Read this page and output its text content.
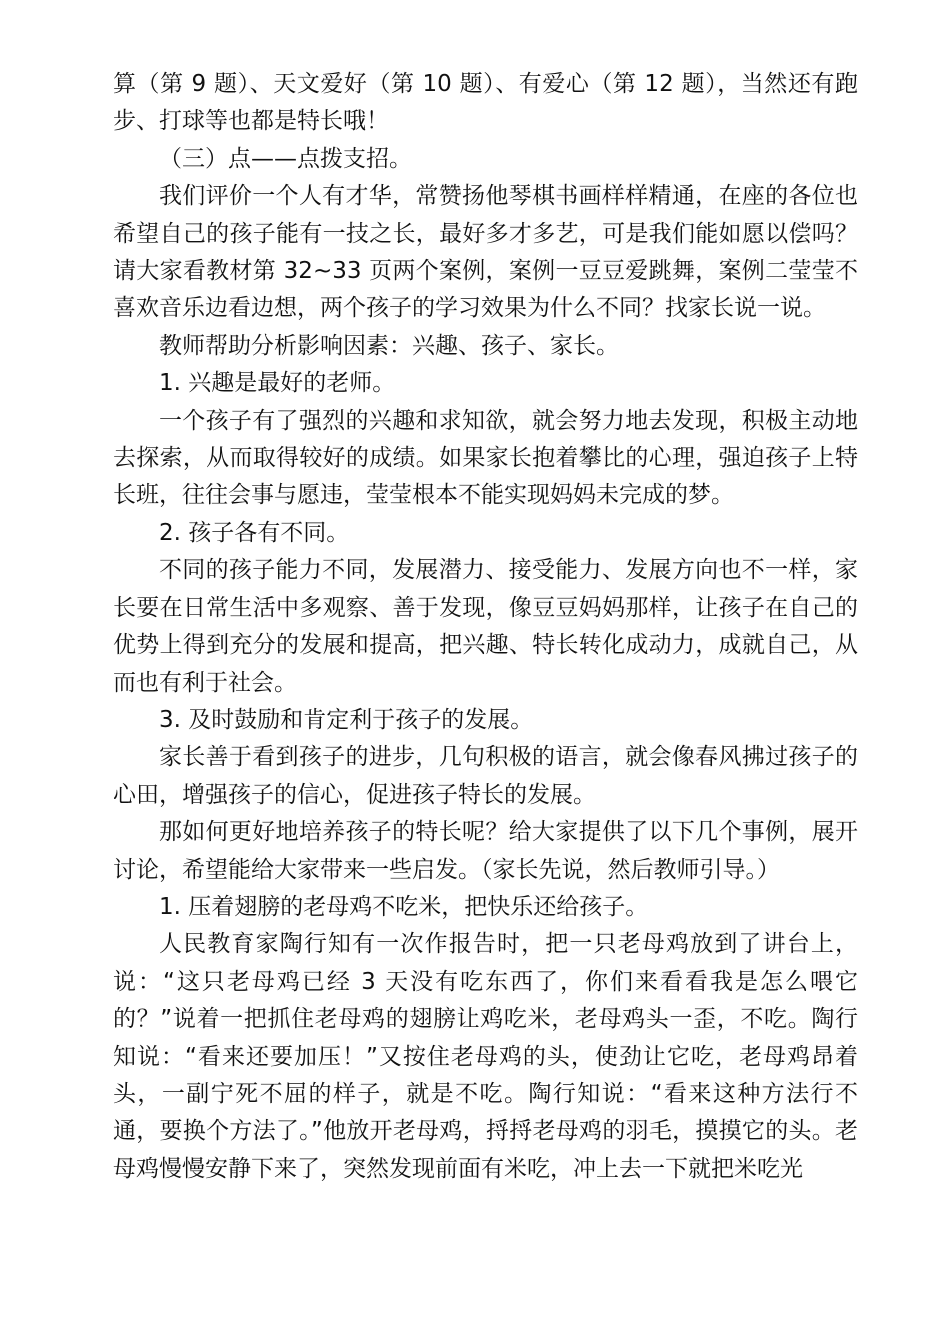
算（第 9 题）、天文爱好（第 10 题）、有爱心（第 12 题），当然还有跑步、打球等也都是特长哦！

（三）点——点拨支招。

我们评价一个人有才华，常赞扬他琴棋书画样样精通，在座的各位也希望自己的孩子能有一技之长，最好多才多艺，可是我们能如愿以偿吗？请大家看教材第 32~33 页两个案例，案例一豆豆爱跳舞，案例二莹莹不喜欢音乐边看边想，两个孩子的学习效果为什么不同？找家长说一说。

教师帮助分析影响因素：兴趣、孩子、家长。

1. 兴趣是最好的老师。

一个孩子有了强烈的兴趣和求知欲，就会努力地去发现，积极主动地去探索，从而取得较好的成绩。如果家长抱着攀比的心理，强迫孩子上特长班，往往会事与愿违，莹莹根本不能实现妈妈未完成的梦。

2. 孩子各有不同。

不同的孩子能力不同，发展潜力、接受能力、发展方向也不一样，家长要在日常生活中多观察、善于发现，像豆豆妈妈那样，让孩子在自己的优势上得到充分的发展和提高，把兴趣、特长转化成动力，成就自己，从而也有利于社会。

3. 及时鼓励和肯定利于孩子的发展。

家长善于看到孩子的进步，几句积极的语言，就会像春风拂过孩子的心田，增强孩子的信心，促进孩子特长的发展。

那如何更好地培养孩子的特长呢？给大家提供了以下几个事例，展开讨论，希望能给大家带来一些启发。（家长先说，然后教师引导。）

1. 压着翅膀的老母鸡不吃米，把快乐还给孩子。

人民教育家陶行知有一次作报告时，把一只老母鸡放到了讲台上，说：“这只老母鸡已经 3 天没有吃东西了，你们来看看我是怎么喂它的？”说着一把抓住老母鸡的翅膀让鸡吃米，老母鸡头一歪，不吃。陶行知说：“看来还要加压！”又按住老母鸡的头，使劲让它吃，老母鸡昂着头，一副宁死不屈的样子，就是不吃。陶行知说：“看来这种方法行不通，要换个方法了。”他放开老母鸡，捋捋老母鸡的羽毛，摸摸它的头。老母鸡慢慢安静下来了，突然发现前面有米吃，冲上去一下就把米吃光
